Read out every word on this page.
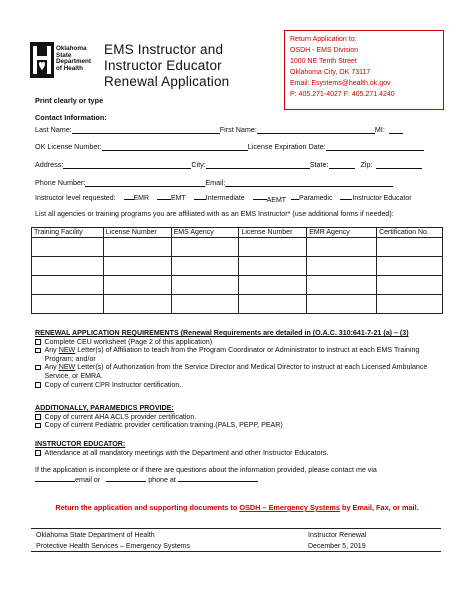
Oklahoma
State
Department
of Health
EMS Instructor and
Instructor Educator
Renewal Application
Return Application to:
OSDH - EMS Division
1000 NE Tenth Street
Oklahoma City, OK 73117
Email: Esystems@health.ok.gov
P: 405.271-4027 F: 405.271.4240
Print clearly or type
Contact Information:
Last Name:	First Name:	MI:
OK License Number:	License Expiration Date:
Address:	City:	State:	Zip:
Phone Number:	Email:
Instructor level requested:	EMR	EMT	Intermediate	AEMT Paramedic	Instructor Educator
List all agencies or training programs you are affiliated with as an EMS Instructor* (use additional forms if needed):
Training Facility	License Number	EMS Agency	License Number	EMR Agency	Certification No.

RENEWAL APPLICATION REQUIREMENTS (Renewal Requirements are detailed in (O.A.C. 310:641-7-21 (a) – (3)
Complete CEU worksheet (Page 2 of this application)
Any NEW Letter(s) of Affiliation to teach from the Program Coordinator or Administrator to instruct at each EMS Training Program; and/or
Any NEW Letter(s) of Authorization from the Service Director and Medical Director to instruct at each Licensed Ambulance Service, or EMRA.
Copy of current CPR Instructor certification.
ADDITIONALLY, PARAMEDICS PROVIDE:
Copy of current AHA ACLS provider certification.
Copy of current Pediatric provider certification training.(PALS, PEPP, PEAR)
INSTRUCTOR EDUCATOR:
Attendance at all mandatory meetings with the Department and other Instructor Educators.
If the application is incomplete or if there are questions about the information provided, please contact me via
email or	phone at
Return the application and supporting documents to OSDH – Emergency Systems by Email, Fax, or mail.
Oklahoma State Department of Health
Protective Health Services – Emergency Systems
Instructor Renewal
December 5, 2019
